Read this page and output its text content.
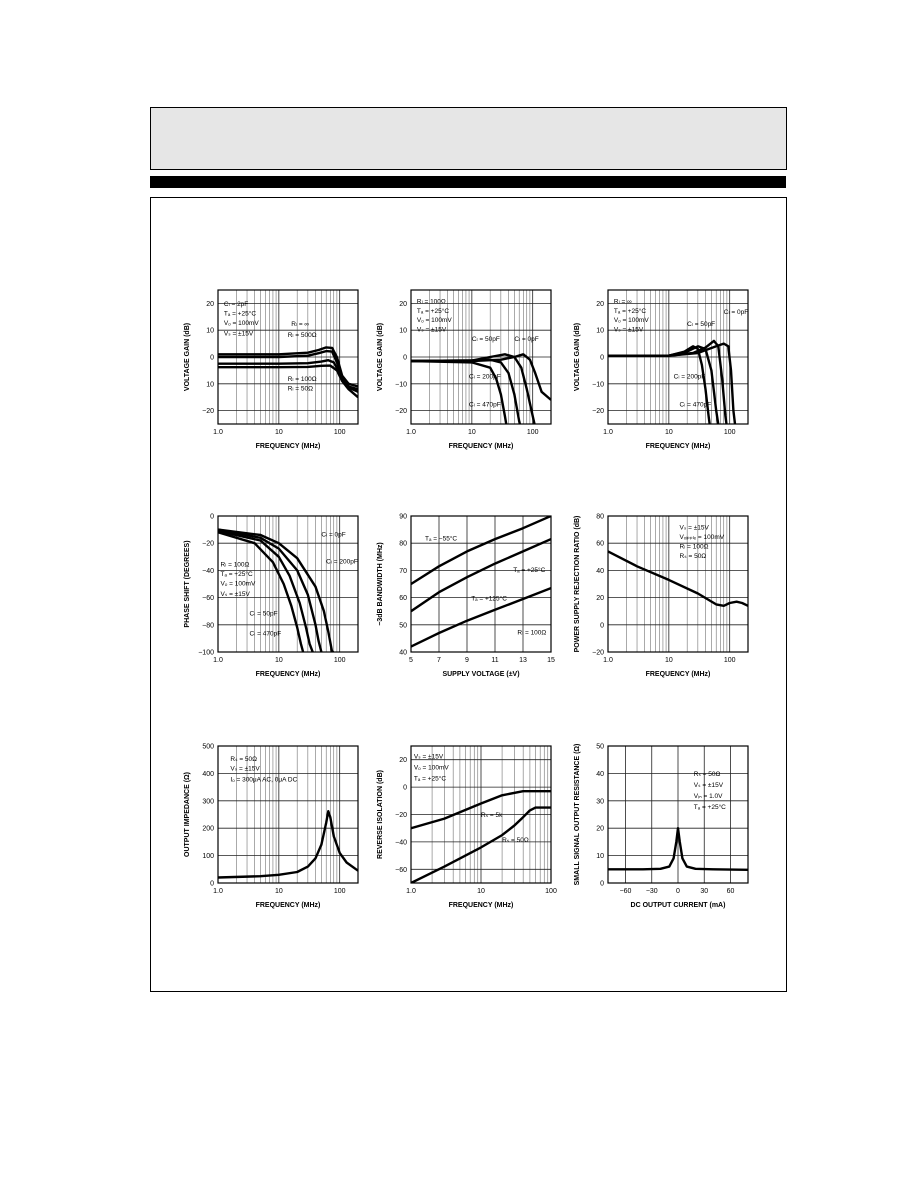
20
10
0
10
−20
1.0	10	100
Cₗ = 2pF
Tₐ = +25°C
Vₒ = 100mV
Vₛ = ±15V
Rₗ = ∞
Rₗ = 500Ω
Rₗ = 100Ω
Rₗ = 50Ω
FREQUENCY (MHz)
VOLTAGE GAIN (dB)
20
10
0
−10
−20
1.0	10	100
Rₗ = 100Ω
Tₐ = +25°C
Vₒ = 100mV
Vₛ = ±15V
Cₗ = 50pF Cₗ = 0pF
Cₗ = 200pF
Cₗ = 470pF
FREQUENCY (MHz)
VOLTAGE GAIN (dB)
20
10
0
−10
−20
1.0	10	100
Rₗ = ∞
Tₐ = +25°C
Vₒ = 100mV
Vₛ = ±15V
Cₗ = 0pF
Cₗ = 50pF
Cₗ = 200pF
Cₗ = 470pF
FREQUENCY (MHz)
VOLTAGE GAIN (dB)
0
−20
−40
−60
−80
−100
1.0	10	100
Cₗ = 0pF
Cₗ = 200pF
Rₗ = 100Ω
Tₐ = +25°C
Vₒ = 100mV
Vₛ = ±15V
Cₗ = 50pF
Cₗ = 470pF
FREQUENCY (MHz)
PHASE SHIFT (DEGREES)
90
80
70
60
50
40
5	7	9	11	13	15
Tₐ = −55°C
Tₐ = +25°C
Tₐ = +125°C
Rₗ = 100Ω
SUPPLY VOLTAGE (±V)
−3dB BANDWIDTH (MHz)
80
60
40
20
0
−20
1.0	10	100
Vₛ = ±15V
Vₓᵢₚₚₗₑ = 100mV
Rₗ = 100Ω
Rₛ = 50Ω
FREQUENCY (MHz)
POWER SUPPLY REJECTION RATIO (dB)
500
400
300
200
100
0
1.0	10	100
Rₛ = 50Ω
Vₛ = ±15V
Iₒ = 300μA AC, 0μA DC
FREQUENCY (MHz)
OUTPUT IMPEDANCE (Ω)
20
0
−20
−40
−60
1.0	10	100
Vₛ = ±15V
Vₒ = 100mV
Tₐ = +25°C
Rₛ = 5k
Rₛ = 50Ω
FREQUENCY (MHz)
REVERSE ISOLATION (dB)
50
40
30
20
10
0
−60 −30	0	30	60
Rₛ = 50Ω
Vₛ = ±15V
Vᵢₙ = 1.0V
Tₐ = +25°C
DC OUTPUT CURRENT (mA)
SMALL SIGNAL OUTPUT RESISTANCE (Ω)
